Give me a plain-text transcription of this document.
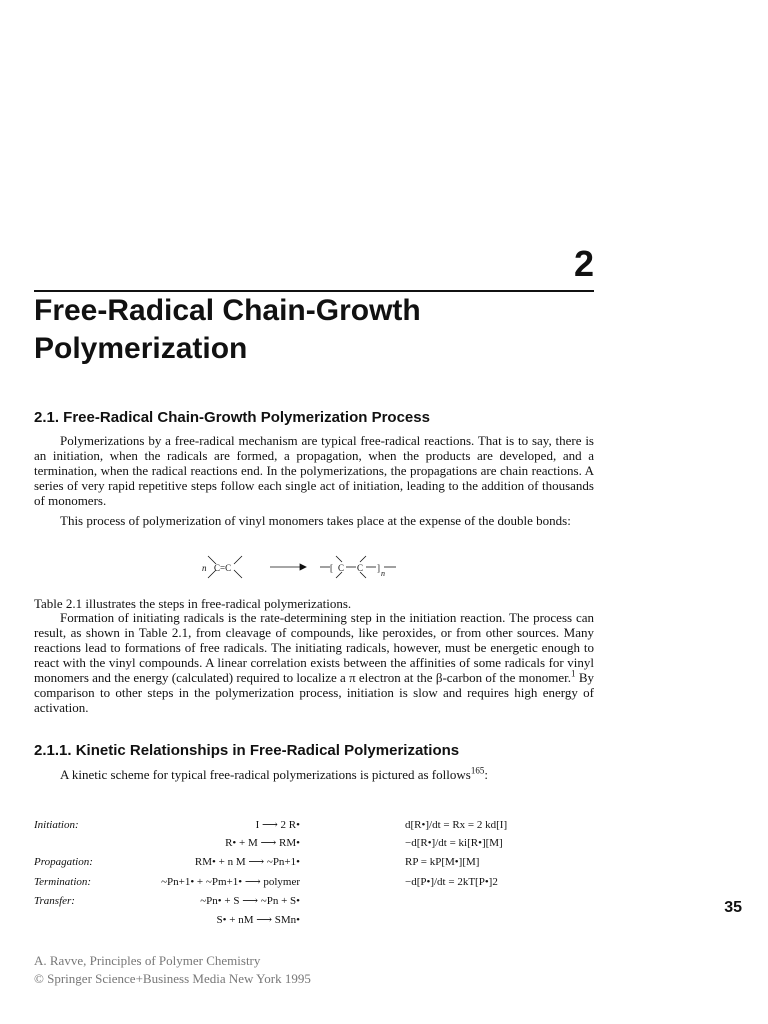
2
Free-Radical Chain-Growth Polymerization
2.1. Free-Radical Chain-Growth Polymerization Process

Polymerizations by a free-radical mechanism are typical free-radical reactions. That is to say, there is an initiation, when the radicals are formed, a propagation, when the products are developed, and a termination, when the radical reactions end. In the polymerizations, the propagations are chain reactions. A series of very rapid repetitive steps follow each single act of initiation, leading to the addition of thousands of monomers.

This process of polymerization of vinyl monomers takes place at the expense of the double bonds:

n C=C	[ C C ]
n

Table 2.1 illustrates the steps in free-radical polymerizations.

Formation of initiating radicals is the rate-determining step in the initiation reaction. The process can result, as shown in Table 2.1, from cleavage of compounds, like peroxides, or from other sources. Many reactions lead to formations of free radicals. The initiating radicals, however, must be energetic enough to react with the vinyl compounds. A linear correlation exists between the affinities of some radicals for vinyl monomers and the energy (calculated) required to localize a π electron at the β-carbon of the monomer.$^1$ By comparison to other steps in the polymerization process, initiation is slow and requires high energy of activation.

2.1.1. Kinetic Relationships in Free-Radical Polymerizations

A kinetic scheme for typical free-radical polymerizations is pictured as follows$^{165}$:

Initiation:
Propagation:
Termination:
Transfer:
I ⟶ 2 R•
R• + M ⟶ RM•
RM• + n M ⟶ ~Pn+1•
~Pn+1• + ~Pm+1• ⟶ polymer
~Pn• + S ⟶ ~Pn + S•
S• + nM ⟶ SMn•
d[R•]/dt = Rx = 2 kd[I]
−d[R•]/dt = ki[R•][M]
RP = kP[M•][M]
−d[P•]/dt = 2kT[P•]2
35
A. Ravve, Principles of Polymer Chemistry
© Springer Science+Business Media New York 1995
